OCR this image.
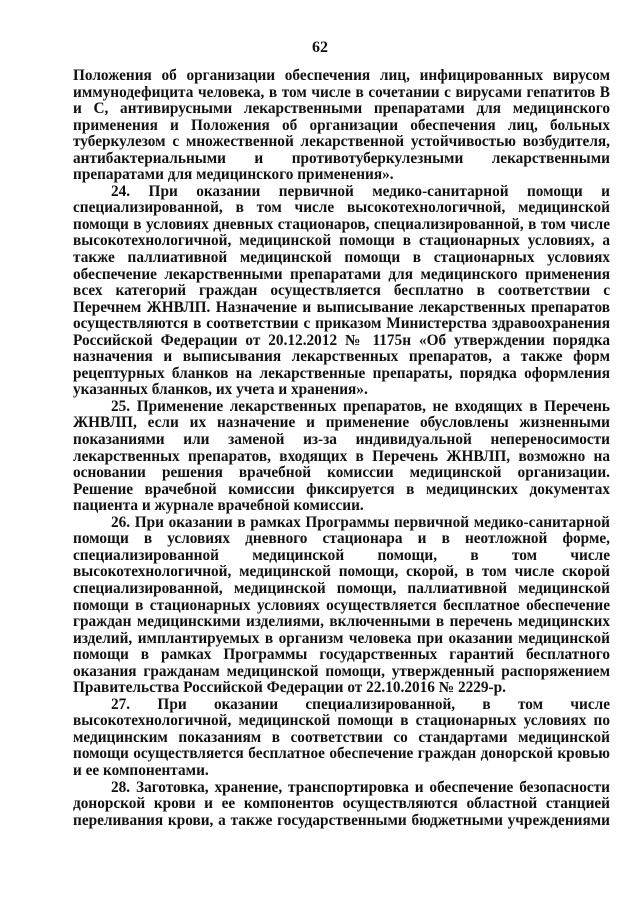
62

Положения об организации обеспечения лиц, инфицированных вирусом иммунодефицита человека, в том числе в сочетании с вирусами гепатитов В и С, антивирусными лекарственными препаратами для медицинского применения и Положения об организации обеспечения лиц, больных туберкулезом с множественной лекарственной устойчивостью возбудителя, антибактериальными и противотуберкулезными лекарственными препаратами для медицинского применения».

24. При оказании первичной медико-санитарной помощи и специализированной, в том числе высокотехнологичной, медицинской помощи в условиях дневных стационаров, специализированной, в том числе высокотехнологичной, медицинской помощи в стационарных условиях, а также паллиативной медицинской помощи в стационарных условиях обеспечение лекарственными препаратами для медицинского применения всех категорий граждан осуществляется бесплатно в соответствии с Перечнем ЖНВЛП. Назначение и выписывание лекарственных препаратов осуществляются в соответствии с приказом Министерства здравоохранения Российской Федерации от 20.12.2012 № 1175н «Об утверждении порядка назначения и выписывания лекарственных препаратов, а также форм рецептурных бланков на лекарственные препараты, порядка оформления указанных бланков, их учета и хранения».

25. Применение лекарственных препаратов, не входящих в Перечень ЖНВЛП, если их назначение и применение обусловлены жизненными показаниями или заменой из-за индивидуальной непереносимости лекарственных препаратов, входящих в Перечень ЖНВЛП, возможно на основании решения врачебной комиссии медицинской организации. Решение врачебной комиссии фиксируется в медицинских документах пациента и журнале врачебной комиссии.

26. При оказании в рамках Программы первичной медико-санитарной помощи в условиях дневного стационара и в неотложной форме, специализированной медицинской помощи, в том числе высокотехнологичной, медицинской помощи, скорой, в том числе скорой специализированной, медицинской помощи, паллиативной медицинской помощи в стационарных условиях осуществляется бесплатное обеспечение граждан медицинскими изделиями, включенными в перечень медицинских изделий, имплантируемых в организм человека при оказании медицинской помощи в рамках Программы государственных гарантий бесплатного оказания гражданам медицинской помощи, утвержденный распоряжением Правительства Российской Федерации от 22.10.2016 № 2229-р.

27. При оказании специализированной, в том числе высокотехнологичной, медицинской помощи в стационарных условиях по медицинским показаниям в соответствии со стандартами медицинской помощи осуществляется бесплатное обеспечение граждан донорской кровью и ее компонентами.

28. Заготовка, хранение, транспортировка и обеспечение безопасности донорской крови и ее компонентов осуществляются областной станцией переливания крови, а также государственными бюджетными учреждениями
